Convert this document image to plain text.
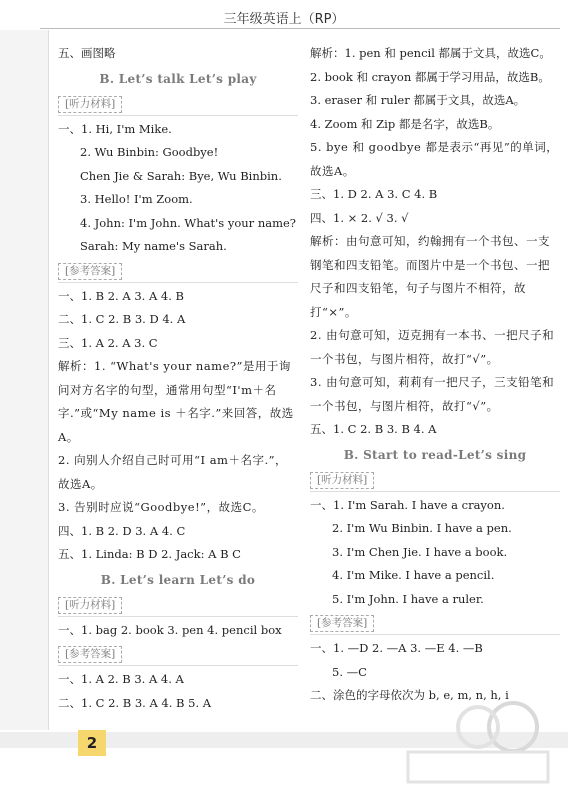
三年级英语上（RP）
五、画图略
B. Let’s talk Let’s play
[听力材料]
一、1. Hi, I'm Mike.
2. Wu Binbin: Goodbye!
Chen Jie & Sarah: Bye, Wu Binbin.
3. Hello! I'm Zoom.
4. John: I'm John. What's your name?
Sarah: My name's Sarah.
[参考答案]
一、1. B 2. A 3. A 4. B
二、1. C 2. B 3. D 4. A
三、1. A 2. A 3. C
解析：1. “What's your name?”是用于询问对方名字的句型，通常用句型“I'm＋名字.”或“My name is ＋名字.”来回答，故选A。
2. 向别人介绍自己时可用“I am＋名字.”，故选A。
3. 告别时应说“Goodbye!”，故选C。
四、1. B 2. D 3. A 4. C
五、1. Linda: B D 2. Jack: A B C
B. Let’s learn Let’s do
[听力材料]
一、1. bag 2. book 3. pen 4. pencil box
[参考答案]
一、1. A 2. B 3. A 4. A
二、1. C 2. B 3. A 4. B 5. A
解析：1. pen 和 pencil 都属于文具，故选C。
2. book 和 crayon 都属于学习用品，故选B。
3. eraser 和 ruler 都属于文具，故选A。
4. Zoom 和 Zip 都是名字，故选B。
5. bye 和 goodbye 都是表示“再见”的单词，故选A。
三、1. D 2. A 3. C 4. B
四、1. × 2. √ 3. √
解析：由句意可知，约翰拥有一个书包、一支钢笔和四支铅笔。而图片中是一个书包、一把尺子和四支铅笔，句子与图片不相符，故打“×”。
2. 由句意可知，迈克拥有一本书、一把尺子和一个书包，与图片相符，故打“√”。
3. 由句意可知，莉莉有一把尺子，三支铅笔和一个书包，与图片相符，故打“√”。
五、1. C 2. B 3. B 4. A
B. Start to read-Let’s sing
[听力材料]
一、1. I'm Sarah. I have a crayon.
2. I'm Wu Binbin. I have a pen.
3. I'm Chen Jie. I have a book.
4. I'm Mike. I have a pencil.
5. I'm John. I have a ruler.
[参考答案]
一、1. —D 2. —A 3. —E 4. —B
5. —C
二、涂色的字母依次为 b, e, m, n, h, i
2
